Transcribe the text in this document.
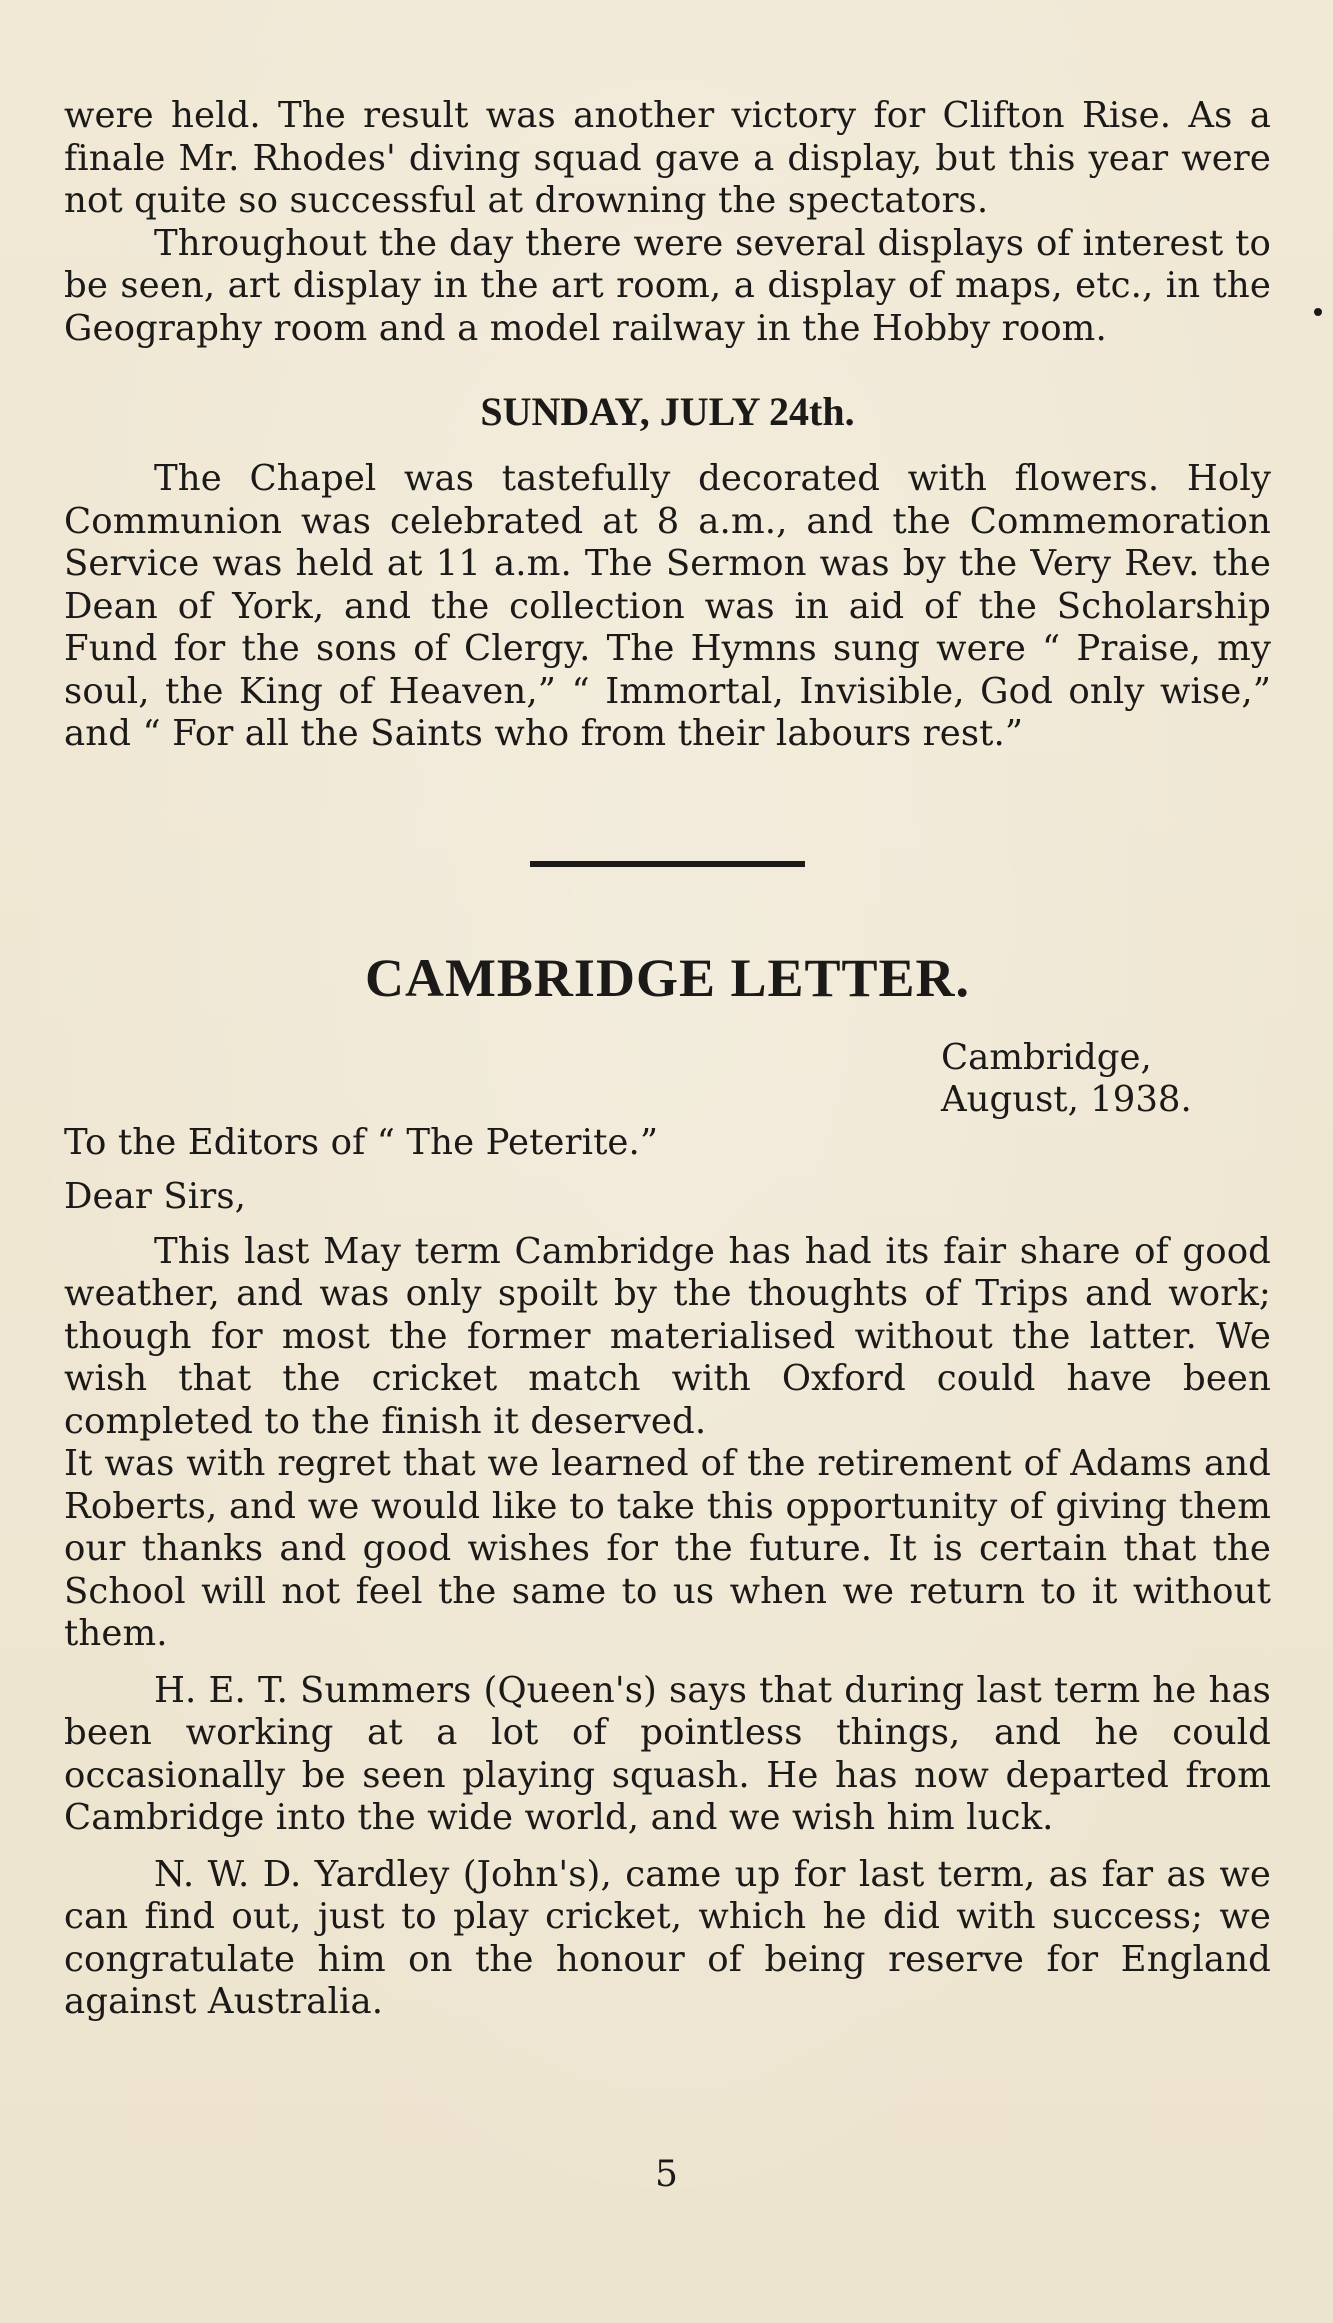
were held. The result was another victory for Clifton Rise. As a finale Mr. Rhodes' diving squad gave a display, but this year were not quite so successful at drowning the spectators.

Throughout the day there were several displays of interest to be seen, art display in the art room, a display of maps, etc., in the Geography room and a model railway in the Hobby room.

SUNDAY, JULY 24th.

The Chapel was tastefully decorated with flowers. Holy Communion was celebrated at 8 a.m., and the Commemoration Service was held at 11 a.m. The Sermon was by the Very Rev. the Dean of York, and the collection was in aid of the Scholarship Fund for the sons of Clergy. The Hymns sung were “ Praise, my soul, the King of Heaven,” “ Immortal, Invisible, God only wise,” and “ For all the Saints who from their labours rest.”

CAMBRIDGE LETTER.
Cambridge,
August, 1938.

To the Editors of “ The Peterite.”

Dear Sirs,

This last May term Cambridge has had its fair share of good weather, and was only spoilt by the thoughts of Trips and work; though for most the former materialised without the latter. We wish that the cricket match with Oxford could have been completed to the finish it deserved.

It was with regret that we learned of the retirement of Adams and Roberts, and we would like to take this opportunity of giving them our thanks and good wishes for the future. It is certain that the School will not feel the same to us when we return to it without them.

H. E. T. Summers (Queen's) says that during last term he has been working at a lot of pointless things, and he could occasionally be seen playing squash. He has now departed from Cambridge into the wide world, and we wish him luck.

N. W. D. Yardley (John's), came up for last term, as far as we can find out, just to play cricket, which he did with success; we congratulate him on the honour of being reserve for England against Australia.

5
